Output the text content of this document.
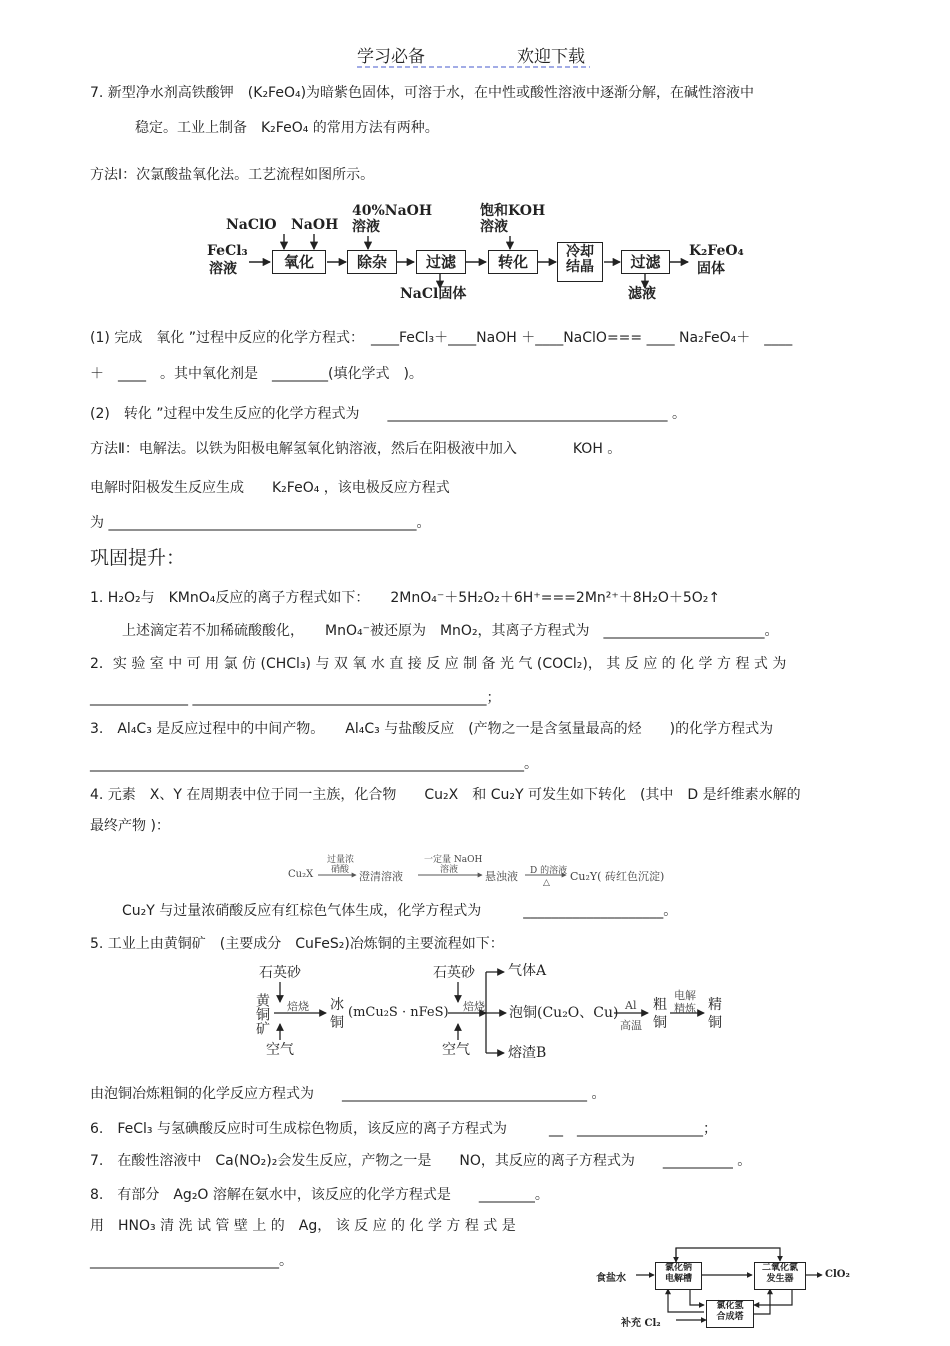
学习必备	欢迎下载
7. 新型净水剂高铁酸钾　(K₂FeO₄)为暗紫色固体，可溶于水，在中性或酸性溶液中逐渐分解，在碱性溶液中
稳定。工业上制备　K₂FeO₄ 的常用方法有两种。
方法Ⅰ：次氯酸盐氧化法。工艺流程如图所示。
FeCl₃
溶液
NaClO NaOH
40%NaOH
溶液
饱和KOH
溶液
氧化	除杂	过滤	转化
冷却
结晶	过滤
NaCl固体	滤液
K₂FeO₄
固体
(1) 完成　氧化 ”过程中反应的化学方程式：　____FeCl₃＋____NaOH ＋____NaClO=== ____ Na₂FeO₄＋　____
＋　____　。其中氧化剂是　________(填化学式　)。
(2)　转化 ”过程中发生反应的化学方程式为　　________________________________________ 。
方法Ⅱ：电解法。以铁为阳极电解氢氧化钠溶液，然后在阳极液中加入　　　　KOH 。
电解时阳极发生反应生成　　K₂FeO₄ ，该电极反应方程式
为 ____________________________________________。
巩固提升：
1. H₂O₂与　KMnO₄反应的离子方程式如下：　　2MnO₄⁻＋5H₂O₂＋6H⁺===2Mn²⁺＋8H₂O＋5O₂↑
上述滴定若不加稀硫酸酸化，　　MnO₄⁻被还原为　MnO₂，其离子方程式为　_______________________。
2．实 验 室 中 可 用 氯 仿 (CHCl₃) 与 双 氧 水 直 接 反 应 制 备 光 气 (COCl₂)， 其 反 应 的 化 学 方 程 式 为
______________ __________________________________________；
3.　Al₄C₃ 是反应过程中的中间产物。　　Al₄C₃ 与盐酸反应　(产物之一是含氢量最高的烃　　)的化学方程式为
______________________________________________________________。
4. 元素　X、Y 在周期表中位于同一主族，化合物　　Cu₂X　和 Cu₂Y 可发生如下转化　(其中　D 是纤维素水解的
最终产物 )：
Cu₂X
过量浓
硝酸 澄清溶液
一定量 NaOH
溶液 悬浊液 D 的溶液
△ Cu₂Y( 砖红色沉淀)
Cu₂Y 与过量浓硝酸反应有红棕色气体生成，化学方程式为　　　____________________。
5. 工业上由黄铜矿　(主要成分　CuFeS₂)冶炼铜的主要流程如下：
石英砂
黄铜矿 焙烧
空气
冰
铜
(mCu₂S · nFeS)
石英砂
焙烧
空气
气体A
泡铜(Cu₂O、Cu)
熔渣B
Al
高温
粗
铜
电解
精炼 精
铜
由泡铜冶炼粗铜的化学反应方程式为　　___________________________________ 。
6.　FeCl₃ 与氢碘酸反应时可生成棕色物质，该反应的离子方程式为　　　__　__________________；
7.　在酸性溶液中　Ca(NO₂)₂会发生反应，产物之一是　　NO，其反应的离子方程式为　　__________ 。
8.　有部分　Ag₂O 溶解在氨水中，该反应的化学方程式是　　________。
用　HNO₃ 清 洗 试 管 壁 上 的　Ag， 该 反 应 的 化 学 方 程 式 是
___________________________。
食盐水
氯化钠
电解槽
二氧化氯
发生器
氯化氢
合成塔
ClO₂
补充 Cl₂
